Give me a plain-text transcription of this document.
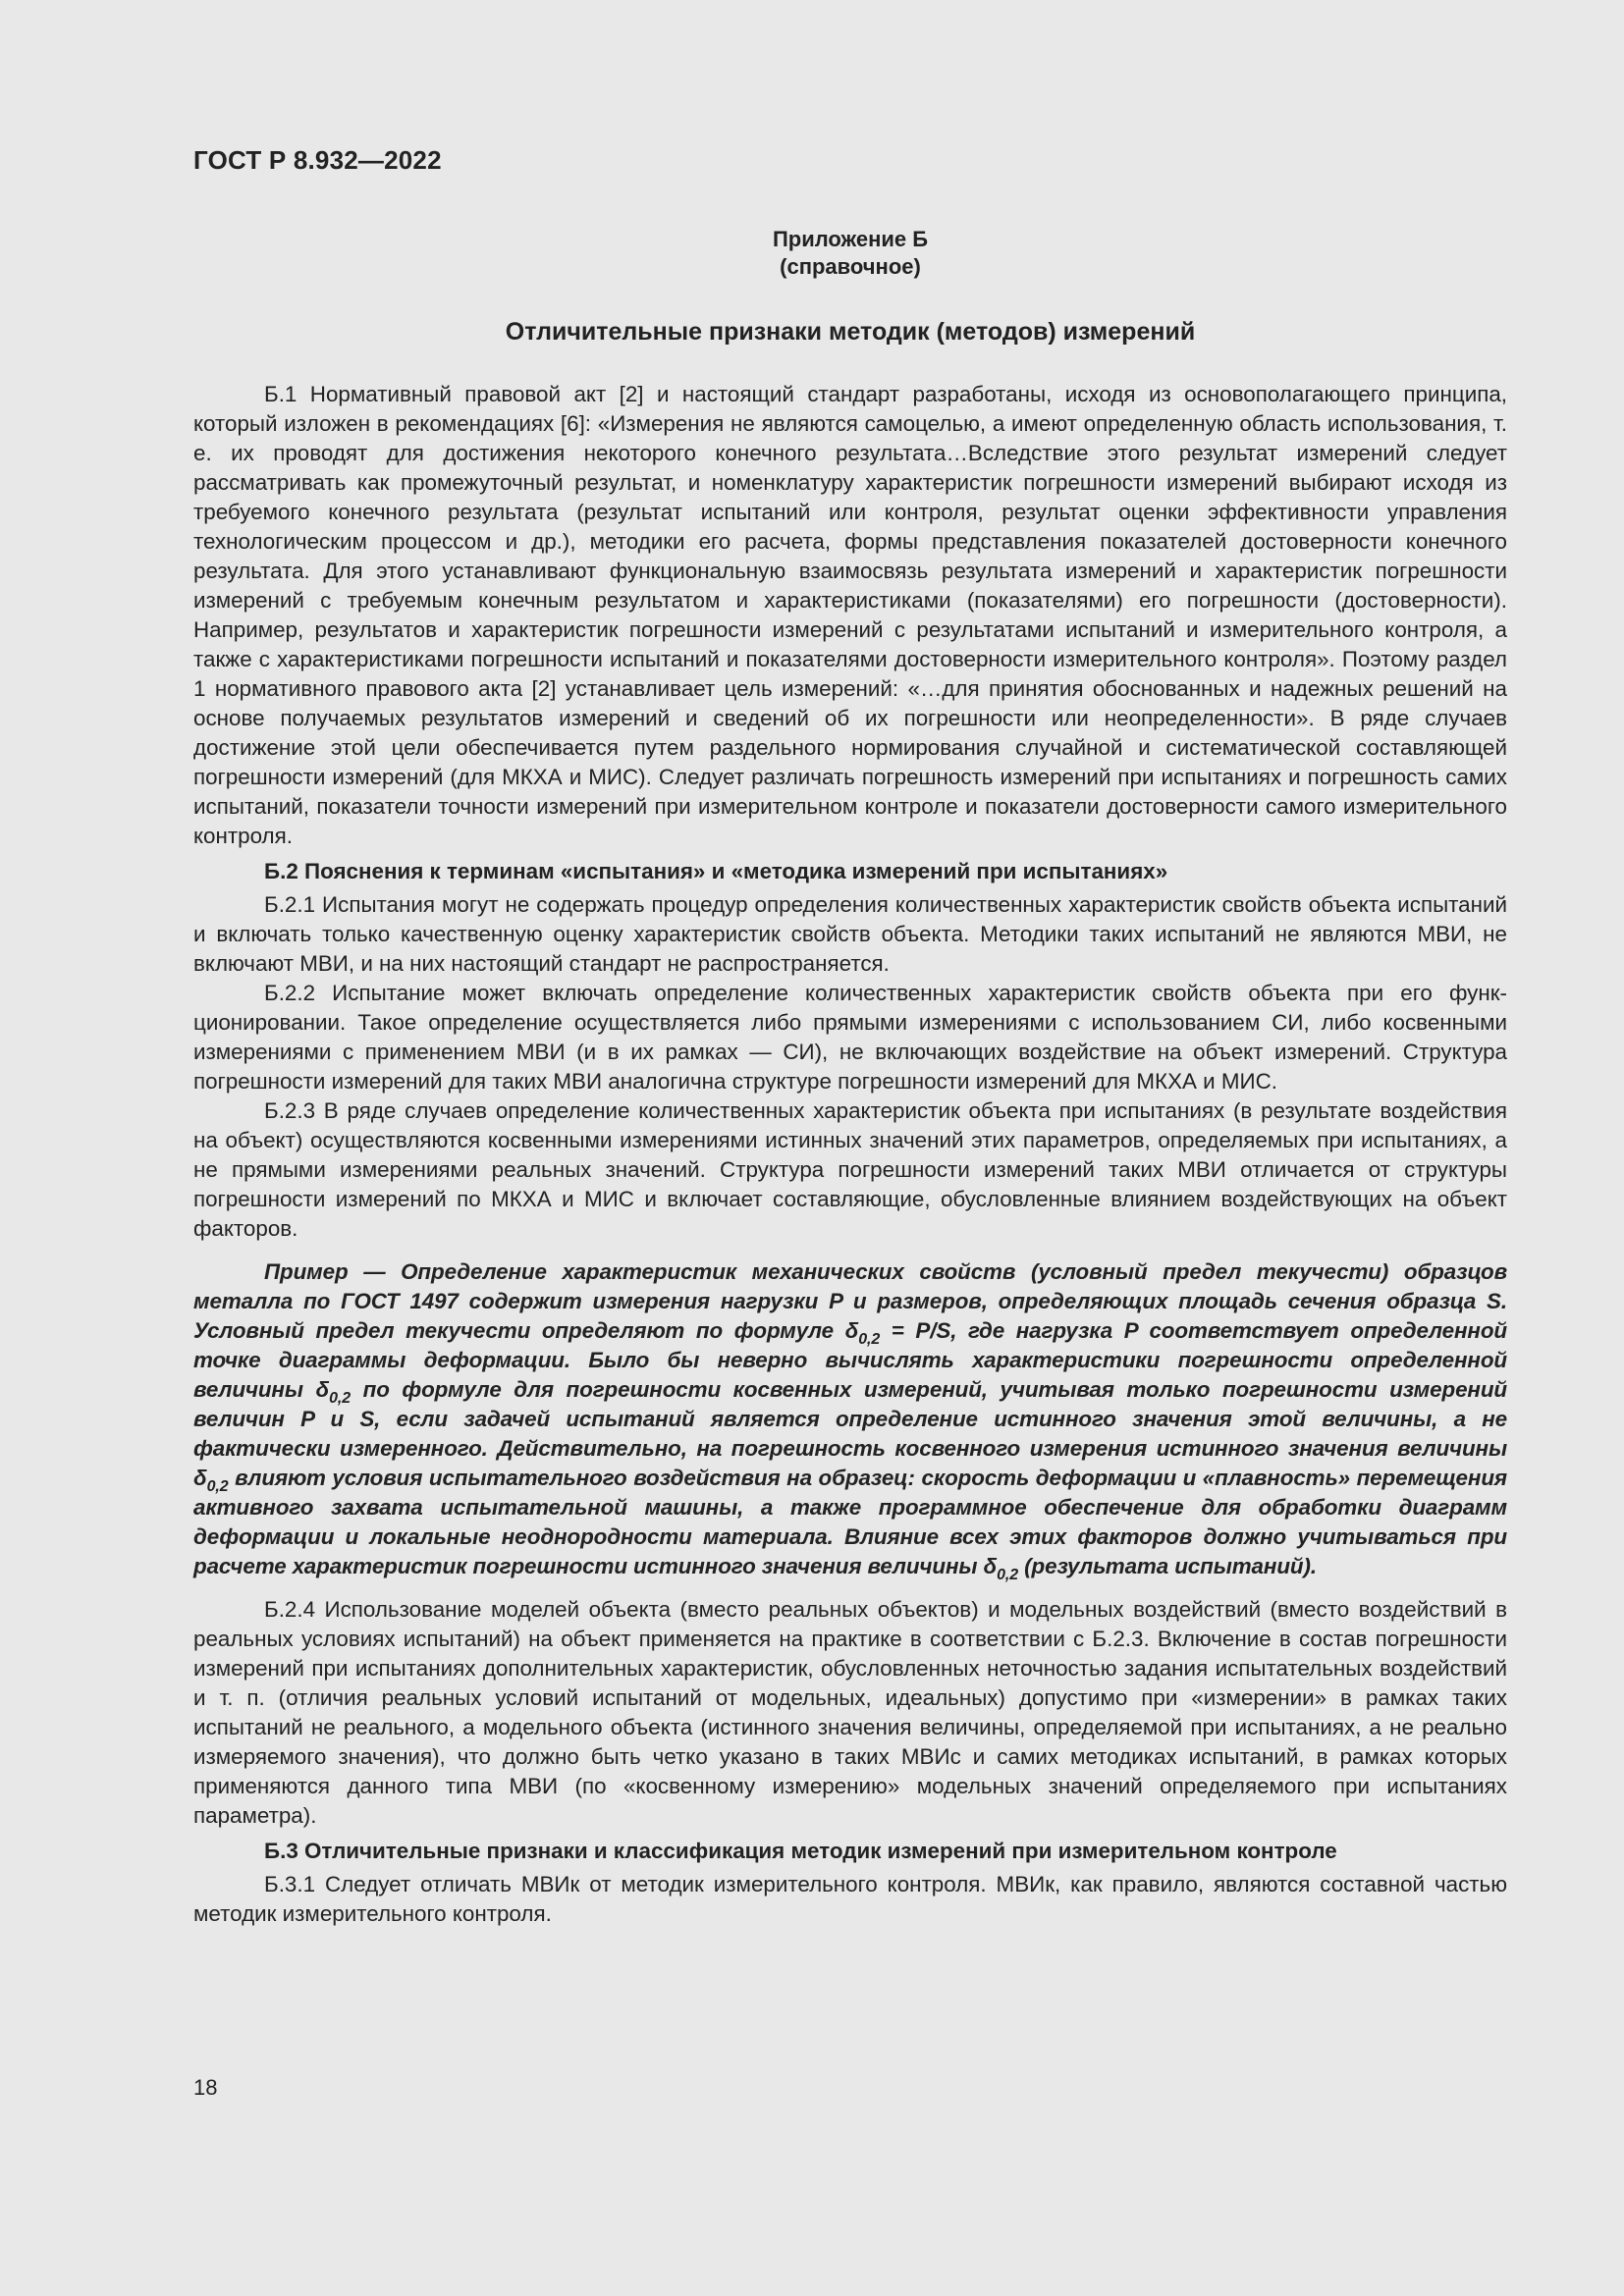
ГОСТ Р 8.932—2022
Приложение Б
(справочное)
Отличительные признаки методик (методов) измерений

Б.1 Нормативный правовой акт [2] и настоящий стандарт разработаны, исходя из основополагающего принципа, который изложен в рекомендациях [6]: «Измерения не являются самоцелью, а имеют определенную область использования, т. е. их проводят для достижения некоторого конечного результата…Вследствие этого результат измерений следует рассматривать как промежуточный результат, и номенклатуру характеристик погрешности измерений выбирают исходя из требуемого конечного результата (результат испытаний или контроля, результат оценки эффективности управления технологическим процессом и др.), методики его расчета, формы представления показателей достоверности конечного результата. Для этого устанавливают функциональную взаимосвязь результата измерений и характеристик погрешности измерений с требуемым конечным результатом и характеристиками (показателями) его погрешности (достоверности). Например, результатов и характеристик погрешности измерений с результатами испытаний и измерительного контроля, а также с характеристиками погрешности испытаний и показателями достоверности измерительного контроля». Поэтому раздел 1 нормативного правового акта [2] устанавливает цель измерений: «…для принятия обоснованных и надежных решений на основе получаемых результатов измерений и сведений об их погрешности или неопределенности». В ряде случаев достижение этой цели обеспечивается путем раздельного нормирования случайной и систематической составляющей погрешности измерений (для МКХА и МИС). Следует различать погрешность измерений при испытаниях и погрешность самих испытаний, показатели точности измерений при измерительном контроле и показатели достоверности самого измерительного контроля.

Б.2 Пояснения к терминам «испытания» и «методика измерений при испытаниях»

Б.2.1 Испытания могут не содержать процедур определения количественных характеристик свойств объекта испытаний и включать только качественную оценку характеристик свойств объекта. Методики таких испытаний не являются МВИ, не включают МВИ, и на них настоящий стандарт не распространяется.

Б.2.2 Испытание может включать определение количественных характеристик свойств объекта при его функционировании. Такое определение осуществляется либо прямыми измерениями с использованием СИ, либо косвенными измерениями с применением МВИ (и в их рамках — СИ), не включающих воздействие на объект измерений. Структура погрешности измерений для таких МВИ аналогична структуре погрешности измерений для МКХА и МИС.

Б.2.3 В ряде случаев определение количественных характеристик объекта при испытаниях (в результате воздействия на объект) осуществляются косвенными измерениями истинных значений этих параметров, определяемых при испытаниях, а не прямыми измерениями реальных значений. Структура погрешности измерений таких МВИ отличается от структуры погрешности измерений по МКХА и МИС и включает составляющие, обусловленные влиянием воздействующих на объект факторов.

Пример — Определение характеристик механических свойств (условный предел текучести) образцов металла по ГОСТ 1497 содержит измерения нагрузки P и размеров, определяющих площадь сечения образца S. Условный предел текучести определяют по формуле $\delta_{0,2} = P/S$, где нагрузка P соответствует определенной точке диаграммы деформации. Было бы неверно вычислять характеристики погрешности определенной величины $\delta_{0,2}$ по формуле для погрешности косвенных измерений, учитывая только погрешности измерений величин P и S, если задачей испытаний является определение истинного значения этой величины, а не фактически измеренного. Действительно, на погрешность косвенного измерения истинного значения величины $\delta_{0,2}$ влияют условия испытательного воздействия на образец: скорость деформации и «плавность» перемещения активного захвата испытательной машины, а также программное обеспечение для обработки диаграмм деформации и локальные неоднородности материала. Влияние всех этих факторов должно учитываться при расчете характеристик погрешности истинного значения величины $\delta_{0,2}$ (результата испытаний).

Б.2.4 Использование моделей объекта (вместо реальных объектов) и модельных воздействий (вместо воздействий в реальных условиях испытаний) на объект применяется на практике в соответствии с Б.2.3. Включение в состав погрешности измерений при испытаниях дополнительных характеристик, обусловленных неточностью задания испытательных воздействий и т. п. (отличия реальных условий испытаний от модельных, идеальных) допустимо при «измерении» в рамках таких испытаний не реального, а модельного объекта (истинного значения величины, определяемой при испытаниях, а не реально измеряемого значения), что должно быть четко указано в таких МВИс и самих методиках испытаний, в рамках которых применяются данного типа МВИ (по «косвенному измерению» модельных значений определяемого при испытаниях параметра).

Б.3 Отличительные признаки и классификация методик измерений при измерительном контроле

Б.3.1 Следует отличать МВИк от методик измерительного контроля. МВИк, как правило, являются составной частью методик измерительного контроля.

18
